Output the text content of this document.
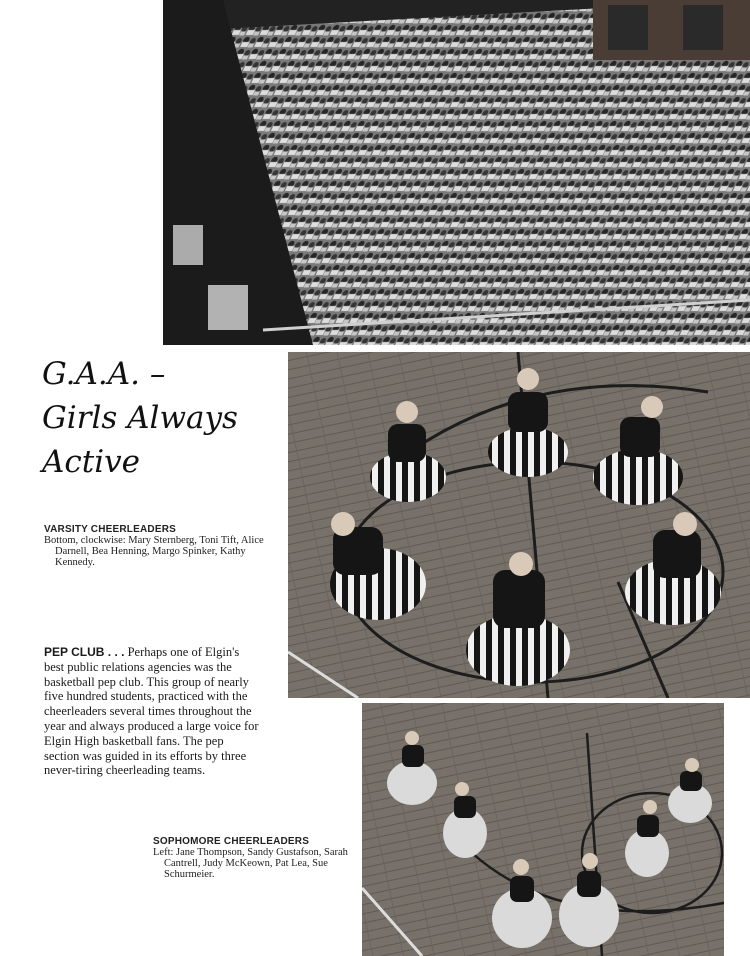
G.A.A. –
Girls Always
Active
VARSITY CHEERLEADERS
Bottom, clockwise: Mary Sternberg, Toni Tift, Alice Darnell, Bea Henning, Margo Spinker, Kathy Kennedy.
PEP CLUB . . . Perhaps one of Elgin's best public relations agencies was the basketball pep club. This group of nearly five hundred students, practiced with the cheerleaders several times throughout the year and always produced a large voice for Elgin High basketball fans. The pep section was guided in its efforts by three never-tiring cheerleading teams.
SOPHOMORE CHEERLEADERS
Left: Jane Thompson, Sandy Gustafson, Sarah Cantrell, Judy McKeown, Pat Lea, Sue Schurmeier.
